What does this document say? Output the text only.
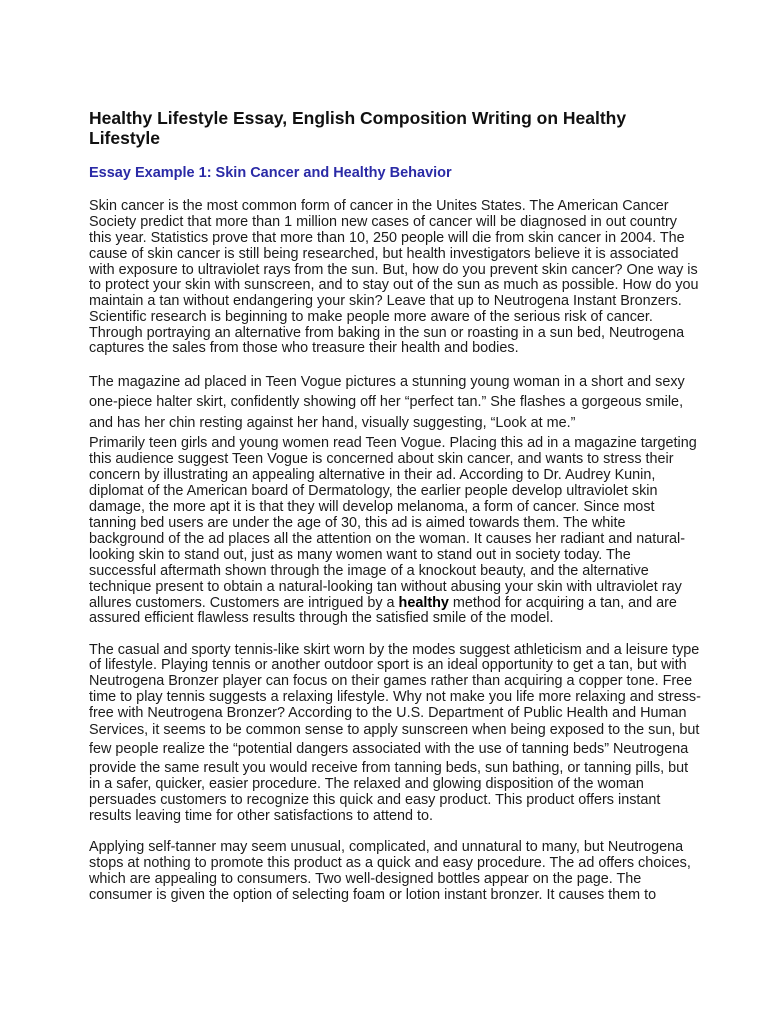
Healthy Lifestyle Essay, English Composition Writing on Healthy
Lifestyle
Essay Example 1: Skin Cancer and Healthy Behavior
Skin cancer is the most common form of cancer in the Unites States. The American Cancer
Society predict that more than 1 million new cases of cancer will be diagnosed in out country
this year. Statistics prove that more than 10, 250 people will die from skin cancer in 2004. The
cause of skin cancer is still being researched, but health investigators believe it is associated
with exposure to ultraviolet rays from the sun. But, how do you prevent skin cancer? One way is
to protect your skin with sunscreen, and to stay out of the sun as much as possible. How do you
maintain a tan without endangering your skin? Leave that up to Neutrogena Instant Bronzers.
Scientific research is beginning to make people more aware of the serious risk of cancer.
Through portraying an alternative from baking in the sun or roasting in a sun bed, Neutrogena
captures the sales from those who treasure their health and bodies.
The magazine ad placed in Teen Vogue pictures a stunning young woman in a short and sexy
one-piece halter skirt, confidently showing off her “perfect tan.” She flashes a gorgeous smile,
and has her chin resting against her hand, visually suggesting, “Look at me.”
Primarily teen girls and young women read Teen Vogue. Placing this ad in a magazine targeting
this audience suggest Teen Vogue is concerned about skin cancer, and wants to stress their
concern by illustrating an appealing alternative in their ad. According to Dr. Audrey Kunin,
diplomat of the American board of Dermatology, the earlier people develop ultraviolet skin
damage, the more apt it is that they will develop melanoma, a form of cancer. Since most
tanning bed users are under the age of 30, this ad is aimed towards them. The white
background of the ad places all the attention on the woman. It causes her radiant and natural-
looking skin to stand out, just as many women want to stand out in society today. The
successful aftermath shown through the image of a knockout beauty, and the alternative
technique present to obtain a natural-looking tan without abusing your skin with ultraviolet ray
allures customers. Customers are intrigued by a healthy method for acquiring a tan, and are
assured efficient flawless results through the satisfied smile of the model.
The casual and sporty tennis-like skirt worn by the modes suggest athleticism and a leisure type
of lifestyle. Playing tennis or another outdoor sport is an ideal opportunity to get a tan, but with
Neutrogena Bronzer player can focus on their games rather than acquiring a copper tone. Free
time to play tennis suggests a relaxing lifestyle. Why not make you life more relaxing and stress-
free with Neutrogena Bronzer? According to the U.S. Department of Public Health and Human
Services, it seems to be common sense to apply sunscreen when being exposed to the sun, but
few people realize the “potential dangers associated with the use of tanning beds” Neutrogena
provide the same result you would receive from tanning beds, sun bathing, or tanning pills, but
in a safer, quicker, easier procedure. The relaxed and glowing disposition of the woman
persuades customers to recognize this quick and easy product. This product offers instant
results leaving time for other satisfactions to attend to.
Applying self-tanner may seem unusual, complicated, and unnatural to many, but Neutrogena
stops at nothing to promote this product as a quick and easy procedure. The ad offers choices,
which are appealing to consumers. Two well-designed bottles appear on the page. The
consumer is given the option of selecting foam or lotion instant bronzer. It causes them to
